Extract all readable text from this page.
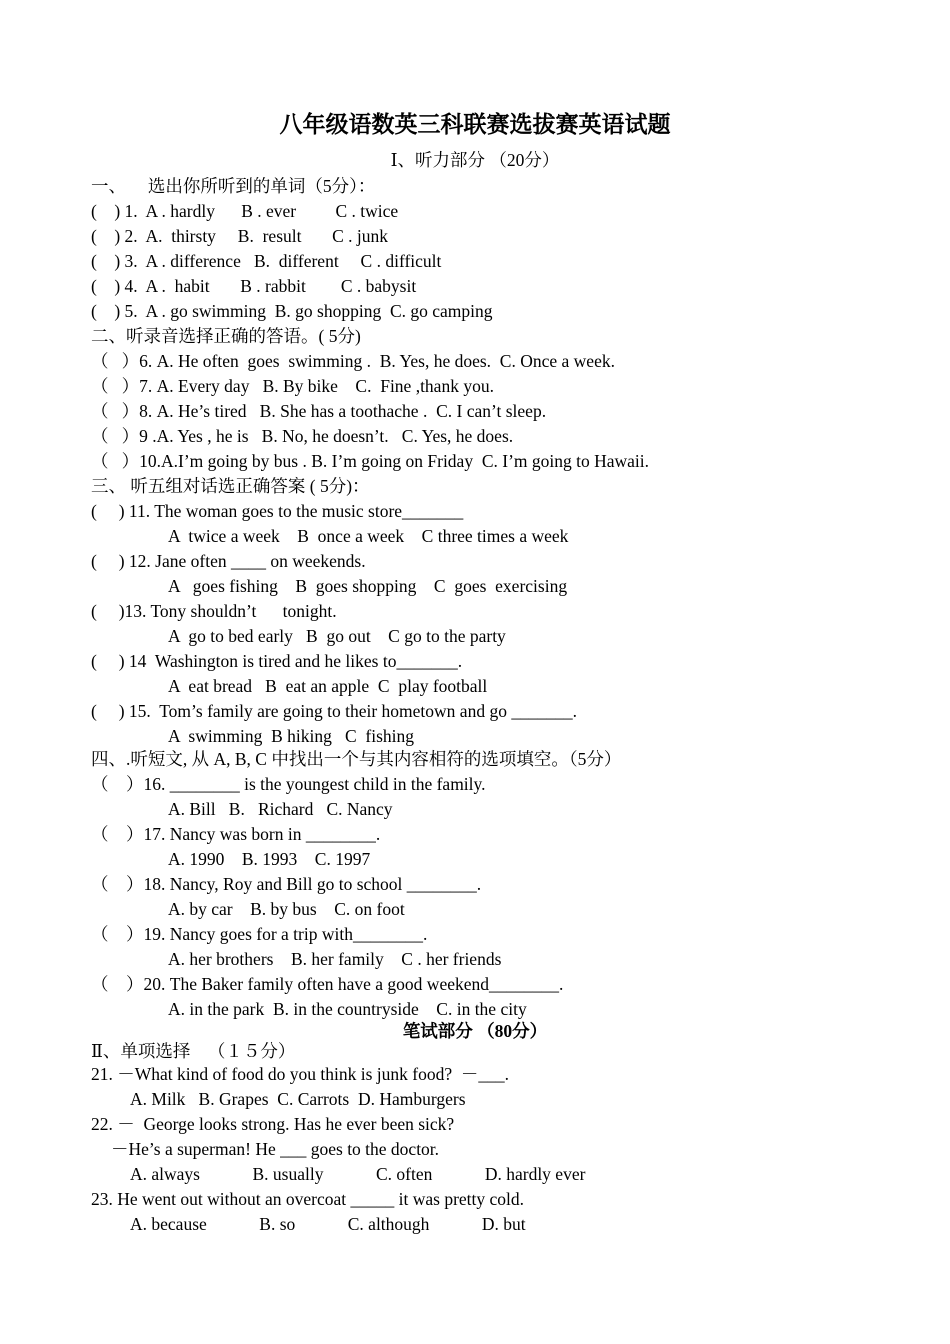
八年级语数英三科联赛选拔赛英语试题
Ⅰ、听力部分 （20分）
一、     选出你所听到的单词（5分）：
(    ) 1.  A . hardly      B . ever         C . twice
(    ) 2.  A.  thirsty     B.  result       C . junk
(    ) 3.  A . difference   B.  different     C . difficult
(    ) 4.  A .  habit       B . rabbit        C . babysit
(    ) 5.  A . go swimming  B. go shopping  C. go camping
二、听录音选择正确的答语。( 5分)
（   ）6. A. He often  goes  swimming .  B. Yes, he does.  C. Once a week.
（   ）7. A. Every day   B. By bike    C.  Fine ,thank you.
（   ）8. A. He’s tired   B. She has a toothache .  C. I can’t sleep.
（   ）9 .A. Yes , he is   B. No, he doesn’t.   C. Yes, he does.
（   ）10.A.I’m going by bus . B. I’m going on Friday  C. I’m going to Hawaii.
三、 听五组对话选正确答案 ( 5分)：
(     ) 11. The woman goes to the music store_______
A  twice a week    B  once a week    C three times a week
(     ) 12. Jane often ____ on weekends.
A   goes fishing    B  goes shopping    C  goes  exercising
(     )13. Tony shouldn’t      tonight.
A  go to bed early   B  go out    C go to the party
(     ) 14  Washington is tired and he likes to_______.
A  eat bread   B  eat an apple  C  play football
(     ) 15.  Tom’s family are going to their hometown and go _______.
A  swimming  B hiking   C  fishing
四、.听短文, 从 A, B, C 中找出一个与其内容相符的选项填空。（5分）
（    ）16. ________ is the youngest child in the family.
A. Bill   B.   Richard   C. Nancy
（    ）17. Nancy was born in ________.
A. 1990    B. 1993    C. 1997
（    ）18. Nancy, Roy and Bill go to school ________.
A. by car    B. by bus    C. on foot
（    ）19. Nancy goes for a trip with________.
A. her brothers    B. her family    C . her friends
（    ）20. The Baker family often have a good weekend________.
A. in the park  B. in the countryside    C. in the city
笔试部分 （80分）
Ⅱ、单项选择    （１５分）
21. －What kind of food do you think is junk food?  －___.
A. Milk   B. Grapes  C. Carrots  D. Hamburgers
22. －  George looks strong. Has he ever been sick?
－He’s a superman! He ___ goes to the doctor.
A. always            B. usually            C. often            D. hardly ever
23. He went out without an overcoat _____ it was pretty cold.
A. because            B. so            C. although            D. but
